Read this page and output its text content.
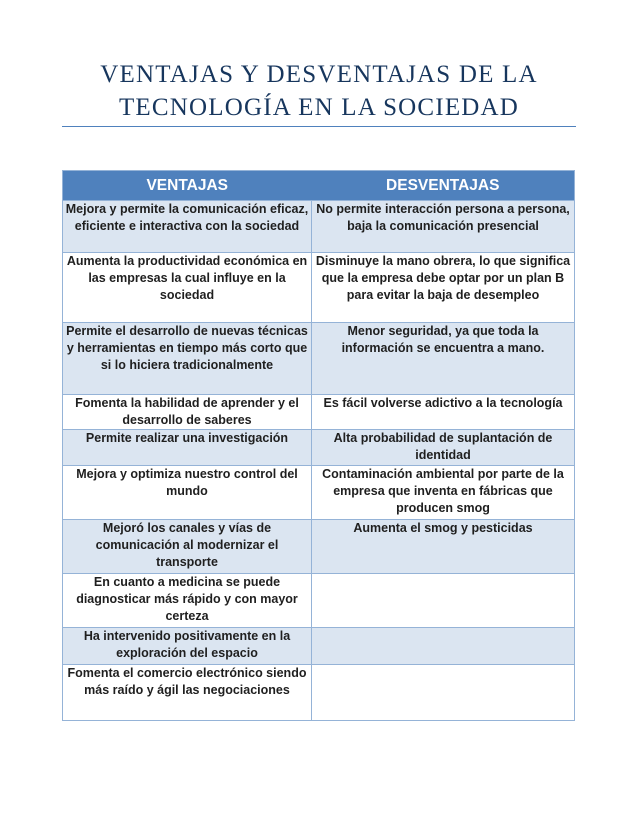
VENTAJAS Y DESVENTAJAS DE LA TECNOLOGÍA EN LA SOCIEDAD
VENTAJAS	DESVENTAJAS
Mejora y permite la comunicación eficaz, eficiente e interactiva con la sociedad	No permite interacción persona a persona, baja la comunicación presencial
Aumenta la productividad económica en las empresas la cual influye en la sociedad	Disminuye la mano obrera, lo que significa que la empresa debe optar por un plan B para evitar la baja de desempleo
Permite el desarrollo de nuevas técnicas y herramientas en tiempo más corto que si lo hiciera tradicionalmente	Menor seguridad, ya que toda la información se encuentra a mano.
Fomenta la habilidad de aprender y el desarrollo de saberes	Es fácil volverse adictivo a la tecnología
Permite realizar una investigación	Alta probabilidad de suplantación de identidad
Mejora y optimiza nuestro control del mundo	Contaminación ambiental por parte de la empresa que inventa en fábricas que producen smog
Mejoró los canales y vías de comunicación al modernizar el transporte	Aumenta el smog y pesticidas
En cuanto a medicina se puede diagnosticar más rápido y con mayor certeza	
Ha intervenido positivamente en la exploración del espacio	
Fomenta el comercio electrónico siendo más raído y ágil las negociaciones	
